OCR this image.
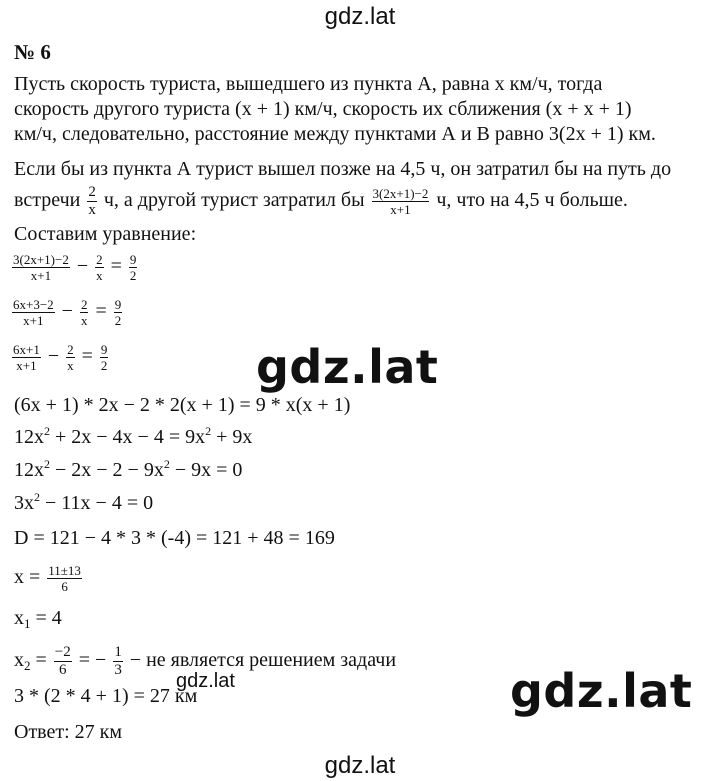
gdz.lat
№ 6
Пусть скорость туриста, вышедшего из пункта А, равна х км/ч, тогда
скорость другого туриста (х + 1) км/ч, скорость их сближения (х + х + 1)
км/ч, следовательно, расстояние между пунктами А и В равно 3(2х + 1) км.
Если бы из пункта А турист вышел позже на 4,5 ч, он затратил бы на путь до
встречи $\frac{2}{х} ч$, а другой турист затратил бы $\frac{3(2х+1)-2}{х+1} ч$, что на 4,5 ч больше.
Составим уравнение:
$\frac{3(2х+1)-2}{х+1} - \frac{2}{х} = \frac{9}{2}$
$\frac{6х+3-2}{х+1} - \frac{2}{х} = \frac{9}{2}$
$\frac{6х+1}{х+1} - \frac{2}{х} = \frac{9}{2}$	gdz.lat
(6х + 1) * 2х − 2 * 2(х + 1) = 9 * х(х + 1)
$12х^2 + 2х - 4х - 4 = 9х^2 + 9х$
$12х^2 - 2х - 2 - 9х^2 - 9х = 0$
$3х^2 - 11х - 4 = 0$
D = 121 − 4 * 3 * (-4) = 121 + 48 = 169
$х = \frac{11\pm 13}{6}$
$х_1 = 4$
$х_2 = \frac{-2}{6}$ = − $\frac{1}{3}$ − не является решением задачи
3 * (2 * 4 + 1) = 27 км
gdz.lat	gdz.lat
Ответ: 27 км
gdz.lat
